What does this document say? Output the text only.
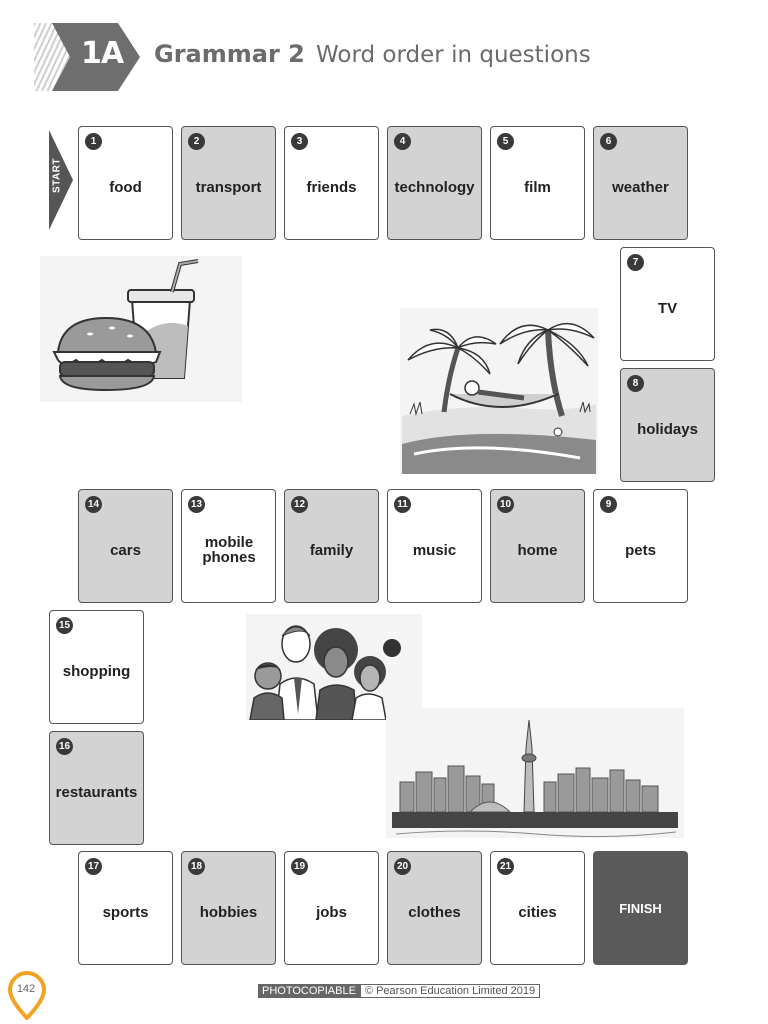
1A	Grammar 2 Word order in questions
START
1
food
2
transport
3
friends
4
technology
5
film
6
weather
7
TV
8
holidays
9
pets
10
home
11
music
12
family
13
mobile phones
14
cars
15
shopping
16
restaurants
17
sports
18
hobbies
19
jobs
20
clothes
21
cities	FINISH
142	PHOTOCOPIABLE © Pearson Education Limited 2019
